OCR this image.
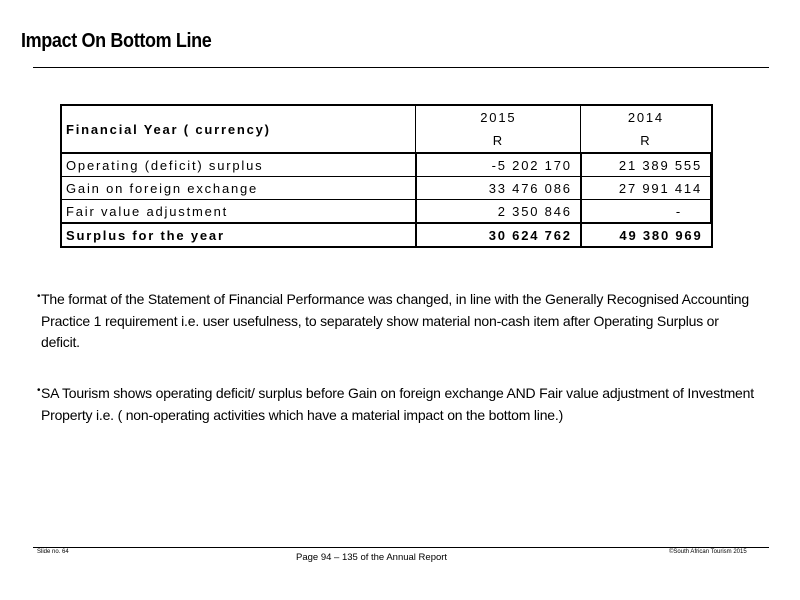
Impact On Bottom Line
Financial Year ( currency)	2015	2014
	R	R
Operating (deficit) surplus	-5 202 170	21 389 555
Gain on foreign exchange	33 476 086	27 991 414
Fair value adjustment	2 350 846	-
Surplus for the year	30 624 762	49 380 969
• The format of the Statement of Financial Performance was changed, in line with the Generally Recognised Accounting Practice 1 requirement i.e. user usefulness, to separately show material non-cash item after Operating Surplus or deficit.
• SA Tourism shows operating deficit/ surplus before Gain on foreign exchange AND Fair value adjustment of Investment Property i.e. ( non-operating activities which have a material impact on the bottom line.)
Slide no. 64	Page 94 – 135 of the Annual Report	©South African Tourism 2015
